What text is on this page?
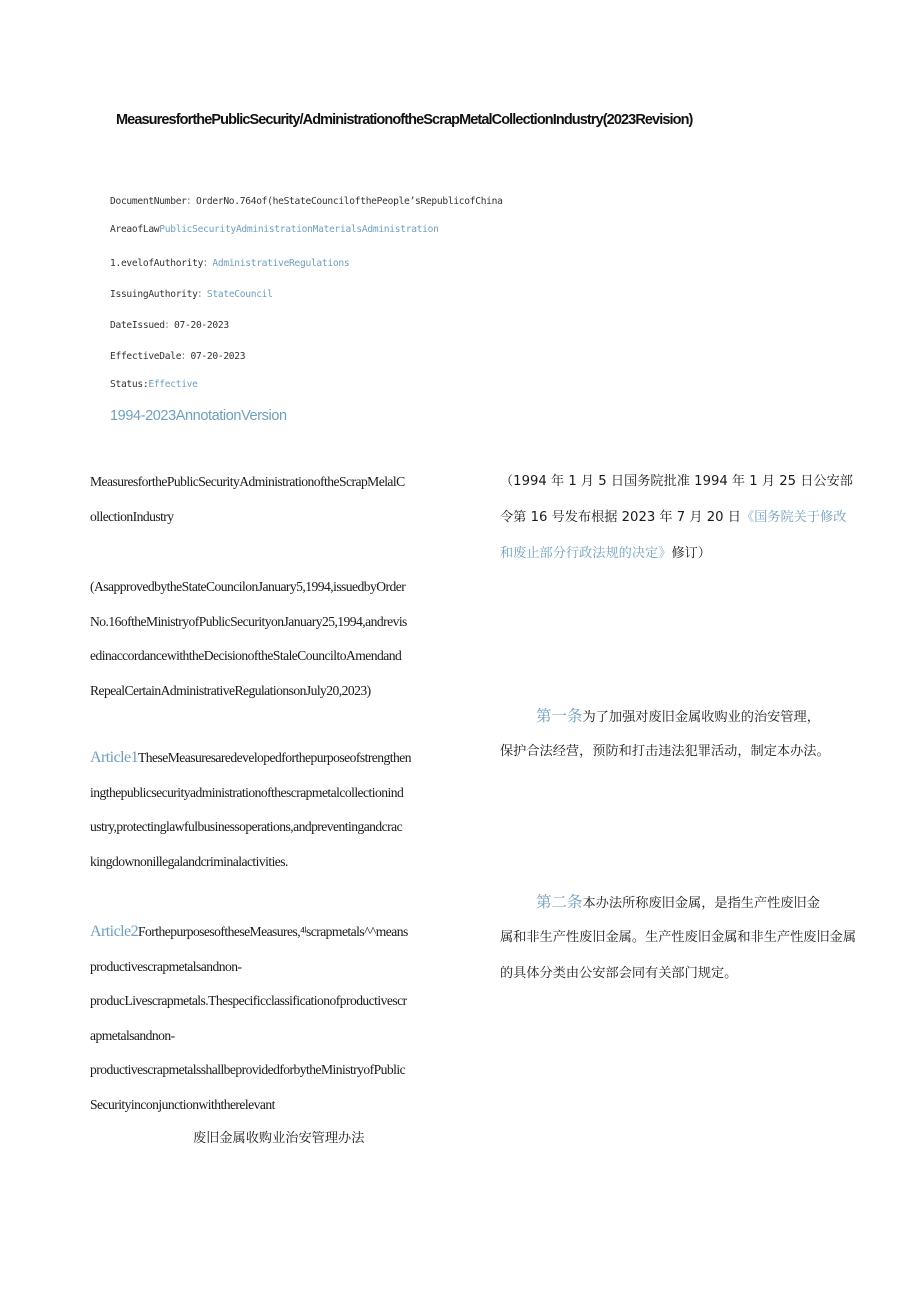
MeasuresforthePublicSecurity/AdministrationoftheScrapMetalCollectionIndustry(2023Revision)
DocumentNumber：OrderNo.764of(heStateCouncilofthePeople’sRepublicofChina
AreaofLawPublicSecurityAdministrationMaterialsAdministration
1.evelofAuthority：AdministrativeRegulations
IssuingAuthority：StateCouncil
DateIssued：07-20-2023
EffectiveDale：07-20-2023
Status:Effective
1994-2023AnnotationVersion
MeasuresforthePublicSecurityAdministrationoftheScrapMelalC
ollectionIndustry
(AsapprovedbytheStateCouncilonJanuary5,1994,issuedbyOrder
No.16oftheMinistryofPublicSecurityonJanuary25,1994,andrevis
edinaccordancewiththeDecisionoftheStaleCounciltoAmendand
RepealCertainAdministrativeRegulationsonJuly20,2023)
Article1TheseMeasuresaredevelopedforthepurposeofstrengthen
ingthepublicsecurityadministrationofthescrapmetalcollectionind
ustry,protectinglawfulbusinessoperations,andpreventingandcrac
kingdownonillegalandcriminalactivities.
Article2ForthepurposesoftheseMeasures,⁴ˡscrapmetals^^means
productivescrapmetalsandnon-
producLivescrapmetals.Thespecificclassificationofproductivescr
apmetalsandnon-
productivescrapmetalsshallbeprovidedforbytheMinistryofPublic
Securityinconjunctionwiththerelevant
（1994 年 1 月 5 日国务院批准 1994 年 1 月 25 日公安部
令第 16 号发布根据 2023 年 7 月 20 日《国务院关于修改
和废止部分行政法规的决定》修订）
第一条为了加强对废旧金属收购业的治安管理，
保护合法经营，预防和打击违法犯罪活动，制定本办法。
第二条本办法所称废旧金属，是指生产性废旧金
属和非生产性废旧金属。生产性废旧金属和非生产性废旧金属
的具体分类由公安部会同有关部门规定。
废旧金属收购业治安管理办法
